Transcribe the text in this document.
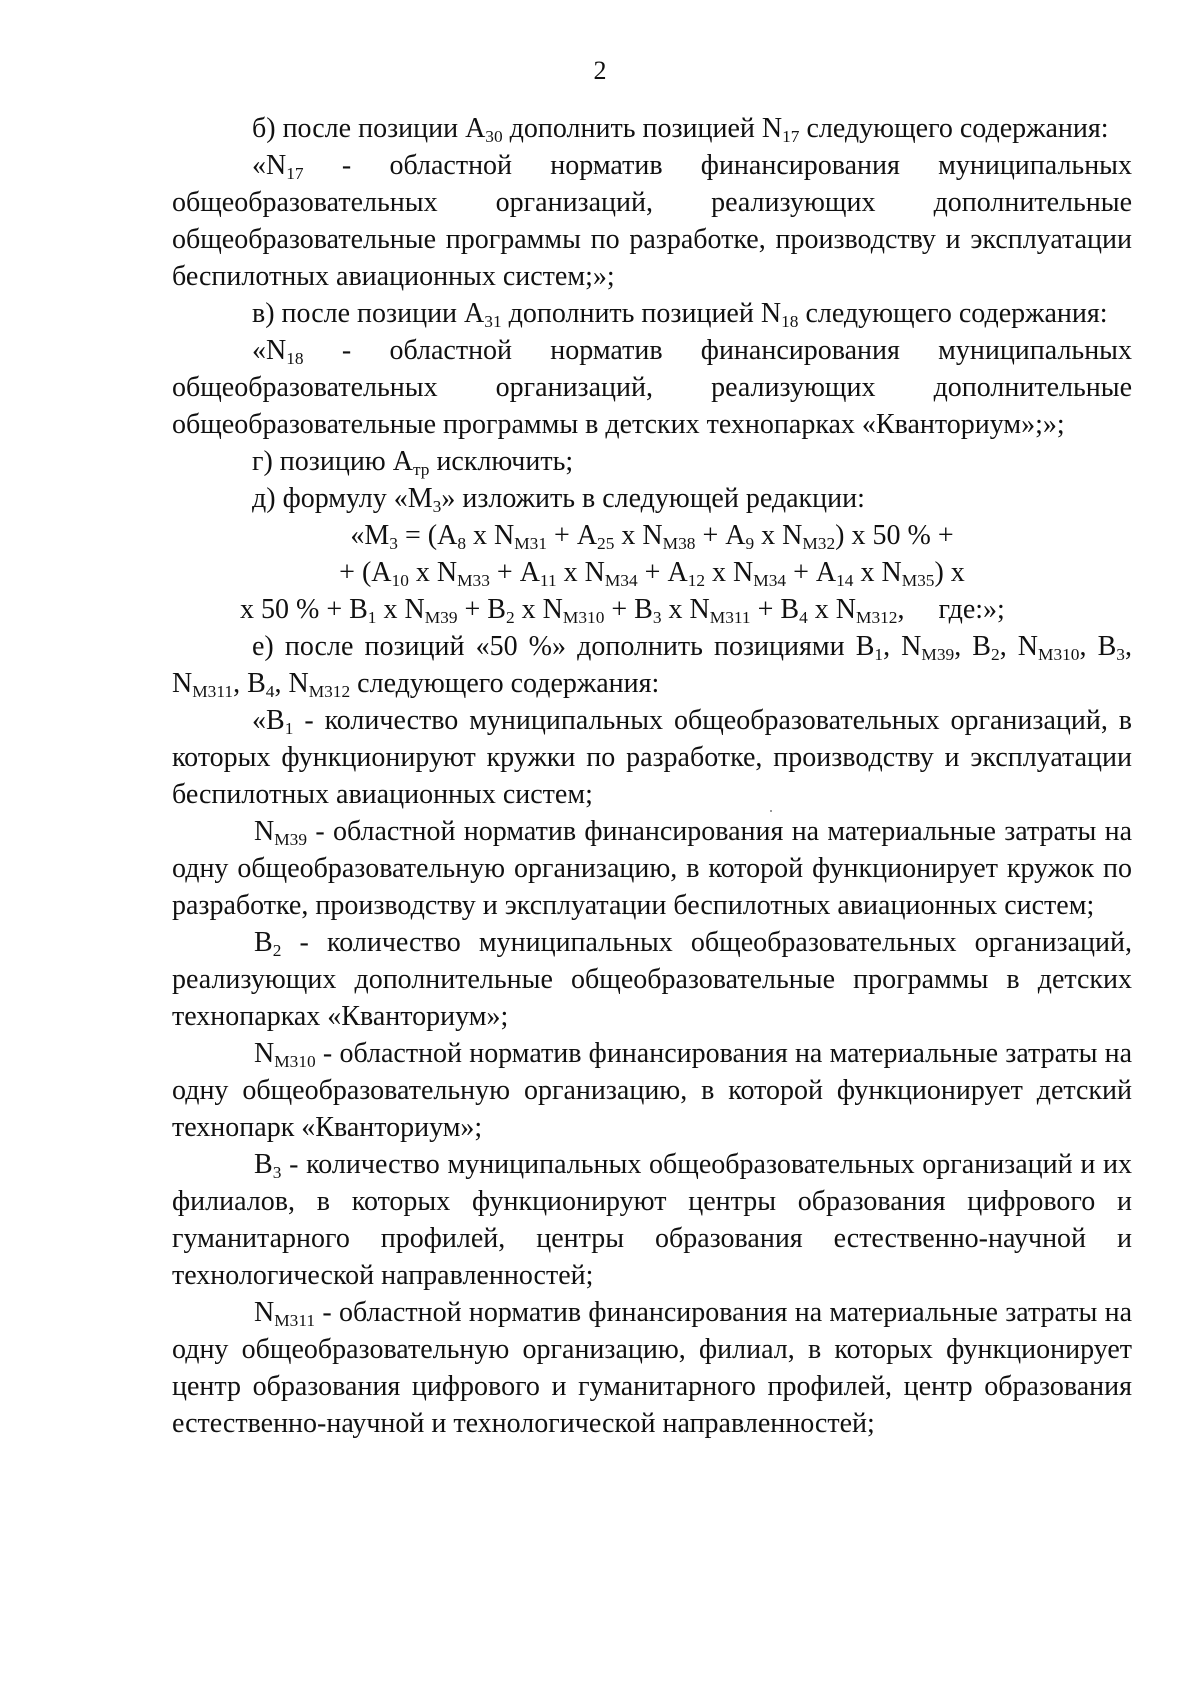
2

б) после позиции $А_{30}$ дополнить позицией $N_{17}$ следующего содержания:

«$N_{17}$ - областной норматив финансирования муниципальных общеобразовательных организаций, реализующих дополнительные общеобразовательные программы по разработке, производству и эксплуатации беспилотных авиационных систем;»;

в) после позиции $А_{31}$ дополнить позицией $N_{18}$ следующего содержания:

«$N_{18}$ - областной норматив финансирования муниципальных общеобразовательных организаций, реализующих дополнительные общеобразовательные программы в детских технопарках «Кванториум»;»;

г) позицию $А_{тр}$ исключить;

д) формулу «$М_3$» изложить в следующей редакции:

«$М_3 = (А_8$ х $N_{М31} + А_{25}$ х $N_{М38} + А_9$ х $N_{М32}$) х 50 % +

+ ($А_{10}$ х $N_{М33} + А_{11}$ х $N_{М34} + А_{12}$ х $N_{М34} + А_{14}$ х $N_{М35}$) х

х 50 % + $В_1$ х $N_{М39} + В_2$ х $N_{М310} + В_3$ х $N_{М311} + В_4$ х $N_{М312}$, где:»;

е) после позиций «50 %» дополнить позициями $В_1$, $N_{М39}$, $В_2$, $N_{М310}$, $В_3$, $N_{М311}$, $В_4$, $N_{М312}$ следующего содержания:

«$В_1$ - количество муниципальных общеобразовательных организаций, в которых функционируют кружки по разработке, производству и эксплуатации беспилотных авиационных систем;

$N_{М39}$ - областной норматив финансирования на материальные затраты на одну общеобразовательную организацию, в которой функционирует кружок по разработке, производству и эксплуатации беспилотных авиационных систем;

$В_2$ - количество муниципальных общеобразовательных организаций, реализующих дополнительные общеобразовательные программы в детских технопарках «Кванториум»;

$N_{М310}$ - областной норматив финансирования на материальные затраты на одну общеобразовательную организацию, в которой функционирует детский технопарк «Кванториум»;

$В_3$ - количество муниципальных общеобразовательных организаций и их филиалов, в которых функционируют центры образования цифрового и гуманитарного профилей, центры образования естественно-научной и технологической направленностей;

$N_{М311}$ - областной норматив финансирования на материальные затраты на одну общеобразовательную организацию, филиал, в которых функционирует центр образования цифрового и гуманитарного профилей, центр образования естественно-научной и технологической направленностей;
